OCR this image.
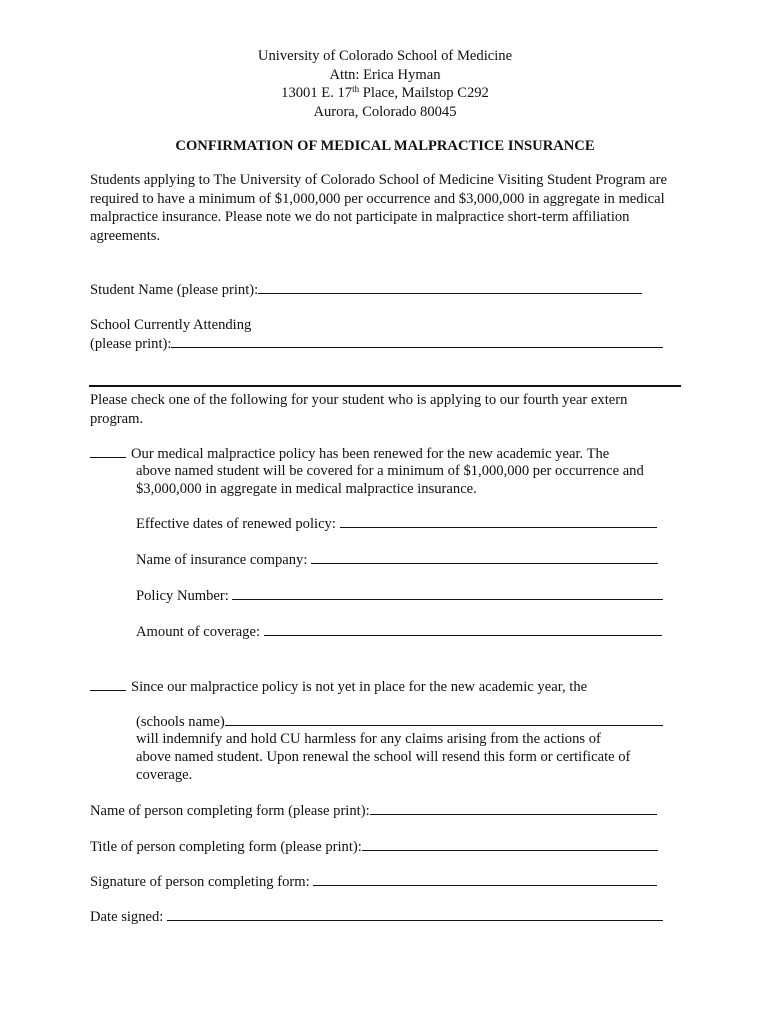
University of Colorado School of Medicine
Attn: Erica Hyman
13001 E. 17th Place, Mailstop C292
Aurora, Colorado 80045
CONFIRMATION OF MEDICAL MALPRACTICE INSURANCE
Students applying to The University of Colorado School of Medicine Visiting Student Program are required to have a minimum of $1,000,000 per occurrence and $3,000,000 in aggregate in medical malpractice insurance. Please note we do not participate in malpractice short-term affiliation agreements.
Student Name (please print):
School Currently Attending
(please print):
Please check one of the following for your student who is applying to our fourth year extern program.
Our medical malpractice policy has been renewed for the new academic year. The
above named student will be covered for a minimum of $1,000,000 per occurrence and
$3,000,000 in aggregate in medical malpractice insurance.
Effective dates of renewed policy:
Name of insurance company:
Policy Number:
Amount of coverage:
Since our malpractice policy is not yet in place for the new academic year, the
(schools name)
will indemnify and hold CU harmless for any claims arising from the actions of
above named student. Upon renewal the school will resend this form or certificate of
coverage.
Name of person completing form (please print):
Title of person completing form (please print):
Signature of person completing form:
Date signed:
